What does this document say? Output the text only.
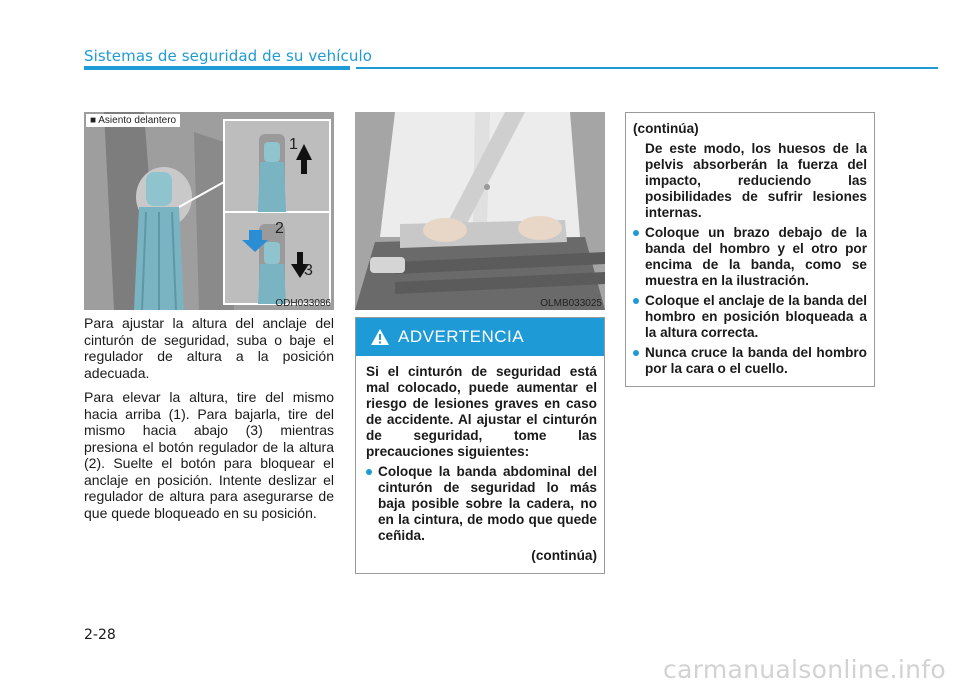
Sistemas de seguridad de su vehículo
■ Asiento delantero
1
2
3
ODH033086	OLMB033025

Para ajustar la altura del anclaje del cinturón de seguridad, suba o baje el regulador de altura a la posición adecuada.

Para elevar la altura, tire del mismo hacia arriba (1). Para bajarla, tire del mismo hacia abajo (3) mientras presiona el botón regulador de la altura (2). Suelte el botón para bloquear el anclaje en posición. Intente deslizar el regulador de altura para asegurarse de que quede bloqueado en su posición.

ADVERTENCIA

Si el cinturón de seguridad está mal colocado, puede aumentar el riesgo de lesiones graves en caso de accidente. Al ajustar el cinturón de seguridad, tome las precauciones siguientes:

Coloque la banda abdominal del cinturón de seguridad lo más baja posible sobre la cadera, no en la cintura, de modo que quede ceñida.
(continúa)

(continúa)

De este modo, los huesos de la pelvis absorberán la fuerza del impacto, reduciendo las posibilidades de sufrir lesiones internas.

Coloque un brazo debajo de la banda del hombro y el otro por encima de la banda, como se muestra en la ilustración.
Coloque el anclaje de la banda del hombro en posición bloqueada a la altura correcta.
Nunca cruce la banda del hombro por la cara o el cuello.
2-28
carmanualsonline.info
